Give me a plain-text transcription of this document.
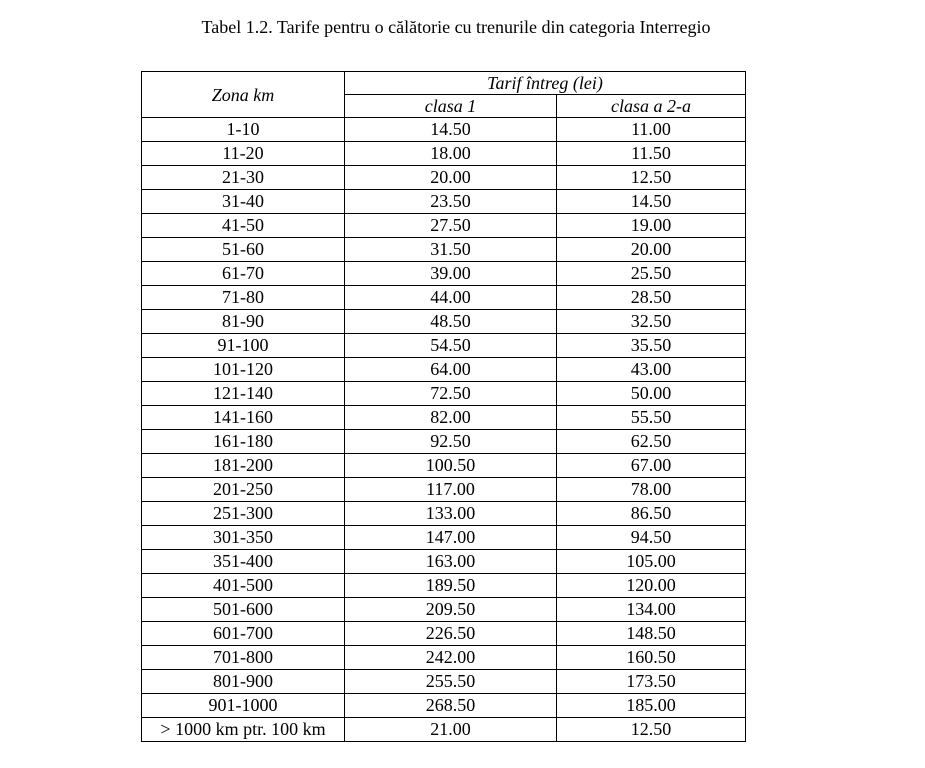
Tabel 1.2. Tarife pentru o călătorie cu trenurile din categoria Interregio
Zona km	Tarif întreg (lei)	
	clasa 1	clasa a 2-a
1-10	14.50	11.00
11-20	18.00	11.50
21-30	20.00	12.50
31-40	23.50	14.50
41-50	27.50	19.00
51-60	31.50	20.00
61-70	39.00	25.50
71-80	44.00	28.50
81-90	48.50	32.50
91-100	54.50	35.50
101-120	64.00	43.00
121-140	72.50	50.00
141-160	82.00	55.50
161-180	92.50	62.50
181-200	100.50	67.00
201-250	117.00	78.00
251-300	133.00	86.50
301-350	147.00	94.50
351-400	163.00	105.00
401-500	189.50	120.00
501-600	209.50	134.00
601-700	226.50	148.50
701-800	242.00	160.50
801-900	255.50	173.50
901-1000	268.50	185.00
> 1000 km ptr. 100 km	21.00	12.50
